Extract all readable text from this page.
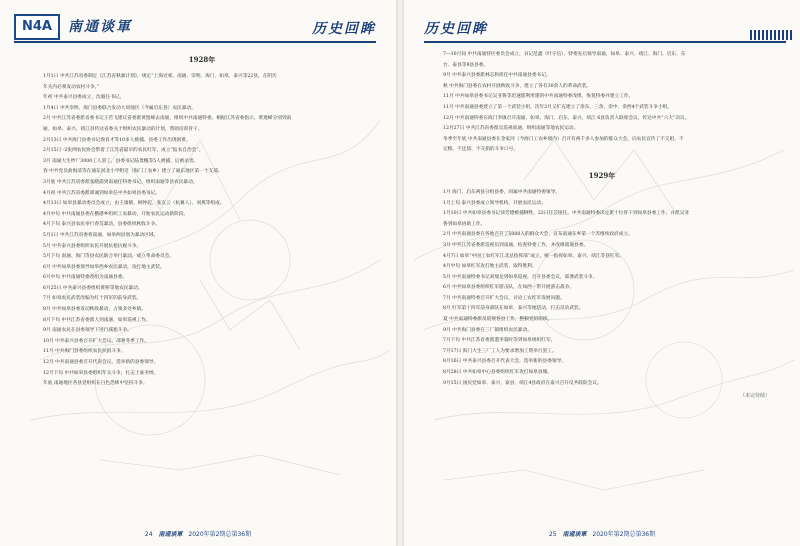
N4A	南通谈軍	历史回眸
1928年

1月1日 中共江苏省委制定《江苏省秋暴计划》，规定“上海近郊、南通、崇明、海门、如皋、泰兴等22县，在阴历

年关内必须发动农村斗争。”

年初 中共泰兴县委成立，沈毅任书记。

1月4日 中共崇明、海门县委联合发动大同地区（今属启东县）农民暴动。

2月 中共江苏省委派省委书记王若飞建议省委派黄逸峰去南通，组织中共南通特委。根据江苏省委指示，黄逸峰分别到南

通、如皋、泰兴、靖江县传达省委关于组织农民暴动的计划，帮助培训骨干。

2月13日 中共海门县委书记俞育才等10多人被捕，县委工作出现困难。

2月15日 -2张网农民协会带着了江苏省最早的农民红军，成立“报农自治会”。

3月 南通大生纱厂3000工人罢工，县委书记陆景槐等5人被捕，后被杀害。

春 中共党员俞海清等在通东河北小学附近（海门工农乡）建立了通东地区第一个支部。

3月底 中共江苏省委派张晓浦到南通任特委书记，组织南通等县农民暴动。

4月初 中共江苏省委派谭诚到如皋任中共如皋县委书记。

4月13日 如皋县暴动委员会成立，由王康鹤、顾仲起、张友云（杭翼人）、刘燕等组成。

4月中旬 中共南通县委在横港乡组织工农暴动，开始农民运动新阶段。

4月下旬 泰兴县农民举行春荒暴动，县委组织秋收斗争。

5月1日 中共江苏省委将南通、如皋两县划为暴动区域。

5月 中共泰兴县委组织农民开展抗租抗税斗争。

5月下旬 南通、海门等县农民联合举行暴动，成立革命委员会。

6月 中共如皋县委领导如皋西乡农民暴动，攻打地主武装。

6月中旬 中共南通特委改组为南通县委。

6月25日 中共泰兴县委组织黄桥等地农民暴动。

7月 如皋农民武装改编为红十四军的前身武装。

8月 中共如皋县委发动秋收暴动，占领多处乡镇。

8月下旬 中共江苏省委派人到南通、如皋巡视工作。

9月 南通农民在县委领导下进行减租斗争。

10月 中共泰兴县委召开扩大会议，部署冬季工作。

11月 中共海门县委组织农民抗捐斗争。

12月 中共南通县委召开代表会议，选举新的县委领导。

12月下旬 中共如皋县委组织年关斗争，打击土豪劣绅。

年底 南通地区各县党组织在白色恐怖中坚持斗争。

24 南通谈軍 2020年第2期总第36期
历史回眸

7—10月间 中共南通特区委员会成立，书记范鑫（叶守信），特委先后领导南通、如皋、泰兴、靖江、海门、启东、东

台、泰县等8县县委。

9月 中共泰兴县委派林志和担任中共南通县委书记。

秋 中共海门县委在农村开展秋收斗争，建立了各有30余人的革命武装。

11月 中共如皋县委书记吴亚鲁等迅速派利用建的中共南通特委改组，恢复特委并建立工作。

11月 中共南通县委建立了第一个武装小组，次年2月又扩充建立了余东、三余、余中、余西4个武装斗争小组。

12月 中共南通特委在海门李镇召开南通、如皋、海门、启东、泰兴、靖江 6县负责人联席会议，传达中共“六大”决议。

12月27日 中共江苏省委派员巡视南通，组织南通等地农民运动。

冬季至年底 中共南通县委在金家河（今海门工农乡境内）召开有两千多人参加的群众大会，向农民宣传了不交租、不

完粮、不还债、不交捐的斗争口号。

1929年

1月 海门、启东两县分组县委，同属中共南通特委领导。

1月上旬 泰兴县委成立领导机构，开展农民运动。

1月10日 中共如皋县委书记徐芳德被捕牺牲，22日任芸接任。中共南通特委决定派十位骨干到如皋县委工作，并派吴亚

鲁到如皋协助工作。

2月 中共南通县委在各地召开了5000人的群众大会，宣布南通东乡第一个苏维埃政府成立。

3月 中共江苏省委派巡视员到南通，检查特委工作，并改组南通县委。

4月7日 如皋“中国工农红军江北总指挥部”成立，统一指挥如皋、泰兴、靖江等县红军。

4月中旬 如皋红军攻打地主武装，取得胜利。

5月 中共南通特委书记刘瑞龙到如皋巡视，召开县委会议，部署武装斗争。

6月 中共如皋县委组织红军游击队，在如西一带开展游击战争。

7月 中共南通特委召开扩大会议，讨论工农红军发展问题。

8月 红军第十四军前身部队在如皋、泰兴等地活动，打击反动武装。

夏 中共南通特委派员巡视各县工作，整顿党的组织。

9月 中共海门县委在三厂镇组织农民暴动。

7月下旬 中共江苏省委派遣李超时等到如皋组织红军。

7月17日 海门大生三厂工人为要求增加工资举行罢工。

8月16日 中共泰兴县委召开代表大会，选举新的县委领导。

8月28日 中共如皋中心县委组织红军攻打如皋县城。

9月15日 国民党如皋、泰兴、泰县、靖江4县政府在泰兴召开反共联防会议。

（未完待续）
25 南通谈軍 2020年第2期总第36期
